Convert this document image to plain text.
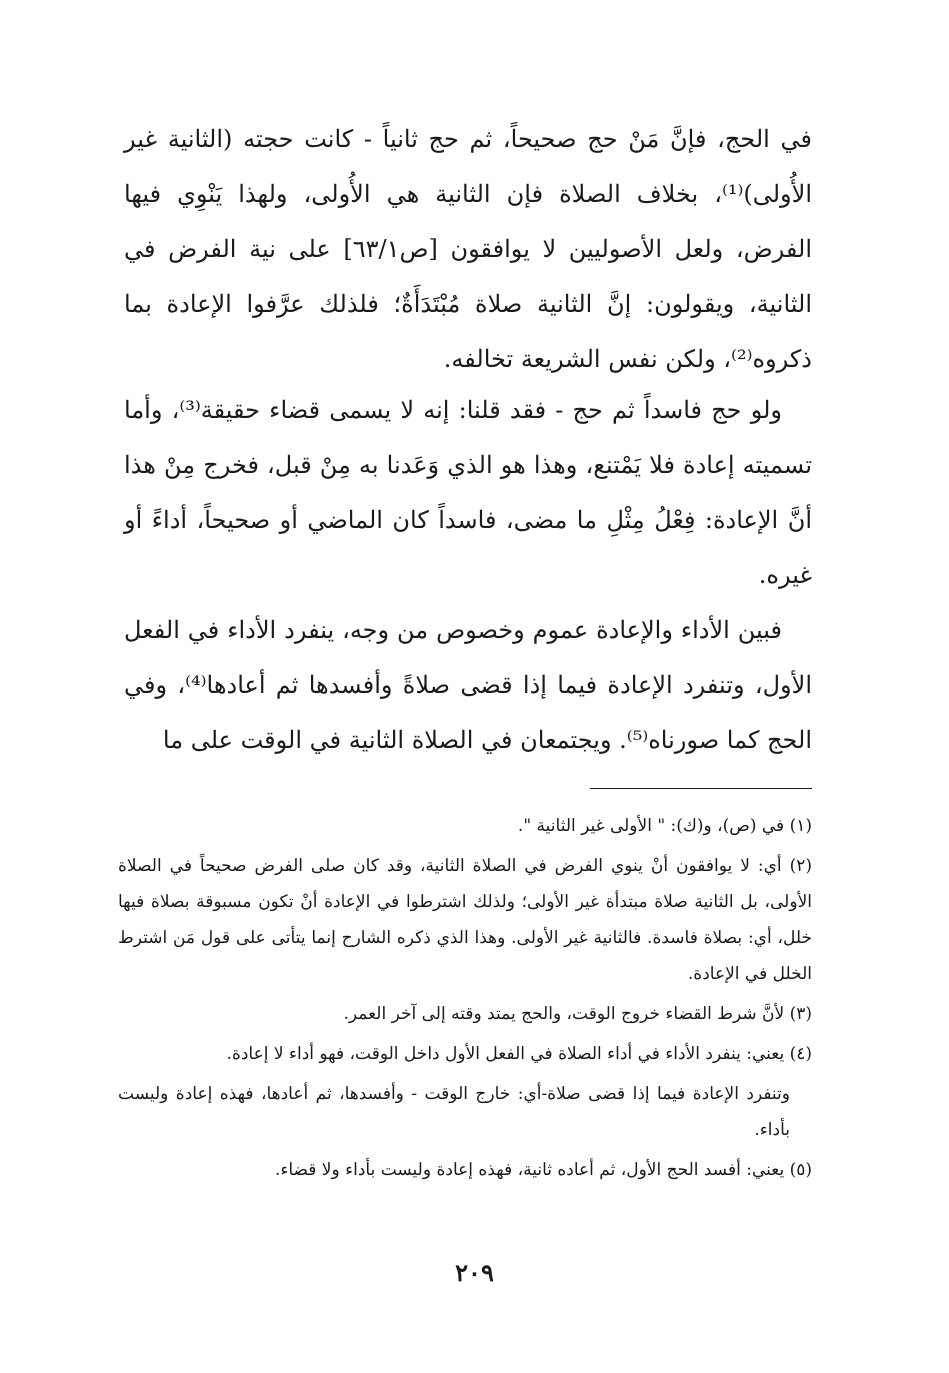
في الحج، فإنَّ مَنْ حج صحيحاً، ثم حج ثانياً - كانت حجته (الثانية غير الأُولى)⁽¹⁾، بخلاف الصلاة فإن الثانية هي الأُولى، ولهذا يَنْوِي فيها الفرض، ولعل الأصوليين لا يوافقون [ص٦٣/١] على نية الفرض في الثانية، ويقولون: إنَّ الثانية صلاة مُبْتَدَأَةٌ؛ فلذلك عرَّفوا الإعادة بما ذكروه⁽²⁾، ولكن نفس الشريعة تخالفه.

ولو حج فاسداً ثم حج - فقد قلنا: إنه لا يسمى قضاء حقيقة⁽³⁾، وأما تسميته إعادة فلا يَمْتنع، وهذا هو الذي وَعَدنا به مِنْ قبل، فخرج مِنْ هذا أنَّ الإعادة: فِعْلُ مِثْلِ ما مضى، فاسداً كان الماضي أو صحيحاً، أداءً أو غيره.

فبين الأداء والإعادة عموم وخصوص من وجه، ينفرد الأداء في الفعل الأول، وتنفرد الإعادة فيما إذا قضى صلاةً وأفسدها ثم أعادها⁽⁴⁾، وفي الحج كما صورناه⁽⁵⁾. ويجتمعان في الصلاة الثانية في الوقت على ما

(١) في (ص)، و(ك): " الأولى غير الثانية ".

(٢) أي: لا يوافقون أنْ ينوي الفرض في الصلاة الثانية، وقد كان صلى الفرض صحيحاً في الصلاة الأولى، بل الثانية صلاة مبتدأة غير الأولى؛ ولذلك اشترطوا في الإعادة أنْ تكون مسبوقة بصلاة فيها خلل، أي: بصلاة فاسدة. فالثانية غير الأولى. وهذا الذي ذكره الشارح إنما يتأتى على قول مَن اشترط الخلل في الإعادة.

(٣) لأنَّ شرط القضاء خروج الوقت، والحج يمتد وقته إلى آخر العمر.

(٤) يعني: ينفرد الأداء في أداء الصلاة في الفعل الأول داخل الوقت، فهو أداء لا إعادة.

وتنفرد الإعادة فيما إذا قضى صلاة-أي: خارج الوقت - وأفسدها، ثم أعادها، فهذه إعادة وليست بأداء.

(٥) يعني: أفسد الحج الأول، ثم أعاده ثانية، فهذه إعادة وليست بأداء ولا قضاء.

٢٠٩
